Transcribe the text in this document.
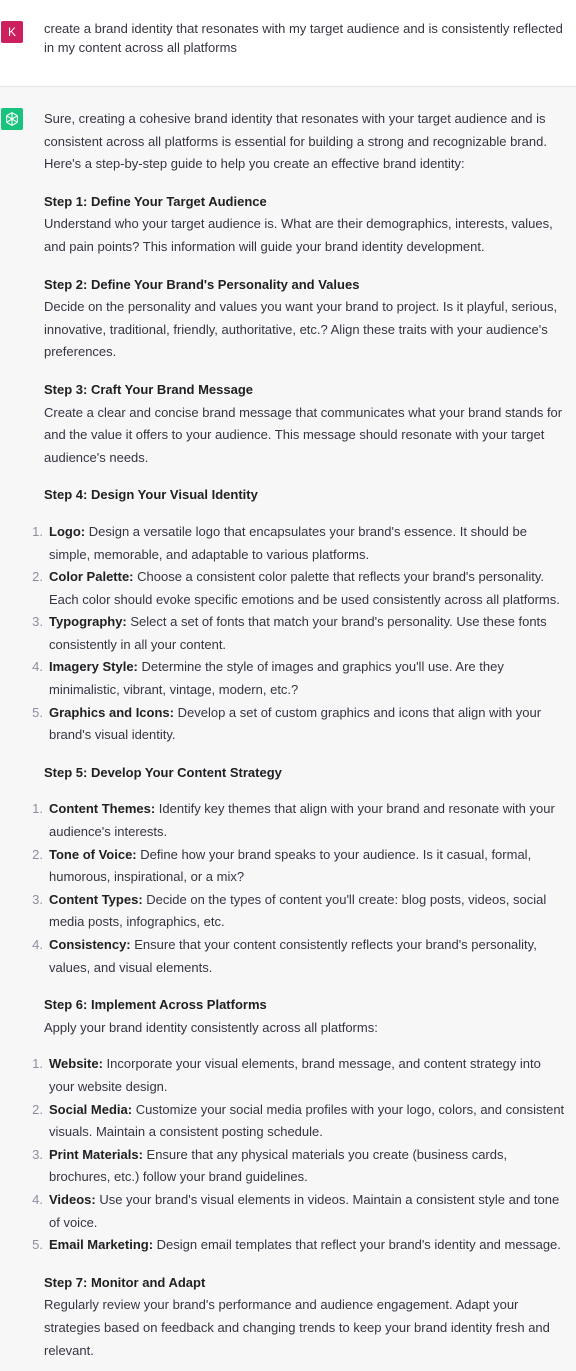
K	create a brand identity that resonates with my target audience and is consistently reflected in my content across all platforms
Sure, creating a cohesive brand identity that resonates with your target audience and is consistent across all platforms is essential for building a strong and recognizable brand. Here's a step-by-step guide to help you create an effective brand identity:
Step 1: Define Your Target Audience
Understand who your target audience is. What are their demographics, interests, values, and pain points? This information will guide your brand identity development.
Step 2: Define Your Brand's Personality and Values
Decide on the personality and values you want your brand to project. Is it playful, serious, innovative, traditional, friendly, authoritative, etc.? Align these traits with your audience's preferences.
Step 3: Craft Your Brand Message
Create a clear and concise brand message that communicates what your brand stands for and the value it offers to your audience. This message should resonate with your target audience's needs.
Step 4: Design Your Visual Identity
1. Logo: Design a versatile logo that encapsulates your brand's essence. It should be simple, memorable, and adaptable to various platforms.
2. Color Palette: Choose a consistent color palette that reflects your brand's personality. Each color should evoke specific emotions and be used consistently across all platforms.
3. Typography: Select a set of fonts that match your brand's personality. Use these fonts consistently in all your content.
4. Imagery Style: Determine the style of images and graphics you'll use. Are they minimalistic, vibrant, vintage, modern, etc.?
5. Graphics and Icons: Develop a set of custom graphics and icons that align with your brand's visual identity.
Step 5: Develop Your Content Strategy
1. Content Themes: Identify key themes that align with your brand and resonate with your audience's interests.
2. Tone of Voice: Define how your brand speaks to your audience. Is it casual, formal, humorous, inspirational, or a mix?
3. Content Types: Decide on the types of content you'll create: blog posts, videos, social media posts, infographics, etc.
4. Consistency: Ensure that your content consistently reflects your brand's personality, values, and visual elements.
Step 6: Implement Across Platforms
Apply your brand identity consistently across all platforms:
1. Website: Incorporate your visual elements, brand message, and content strategy into your website design.
2. Social Media: Customize your social media profiles with your logo, colors, and consistent visuals. Maintain a consistent posting schedule.
3. Print Materials: Ensure that any physical materials you create (business cards, brochures, etc.) follow your brand guidelines.
4. Videos: Use your brand's visual elements in videos. Maintain a consistent style and tone of voice.
5. Email Marketing: Design email templates that reflect your brand's identity and message.
Step 7: Monitor and Adapt
Regularly review your brand's performance and audience engagement. Adapt your strategies based on feedback and changing trends to keep your brand identity fresh and relevant.
